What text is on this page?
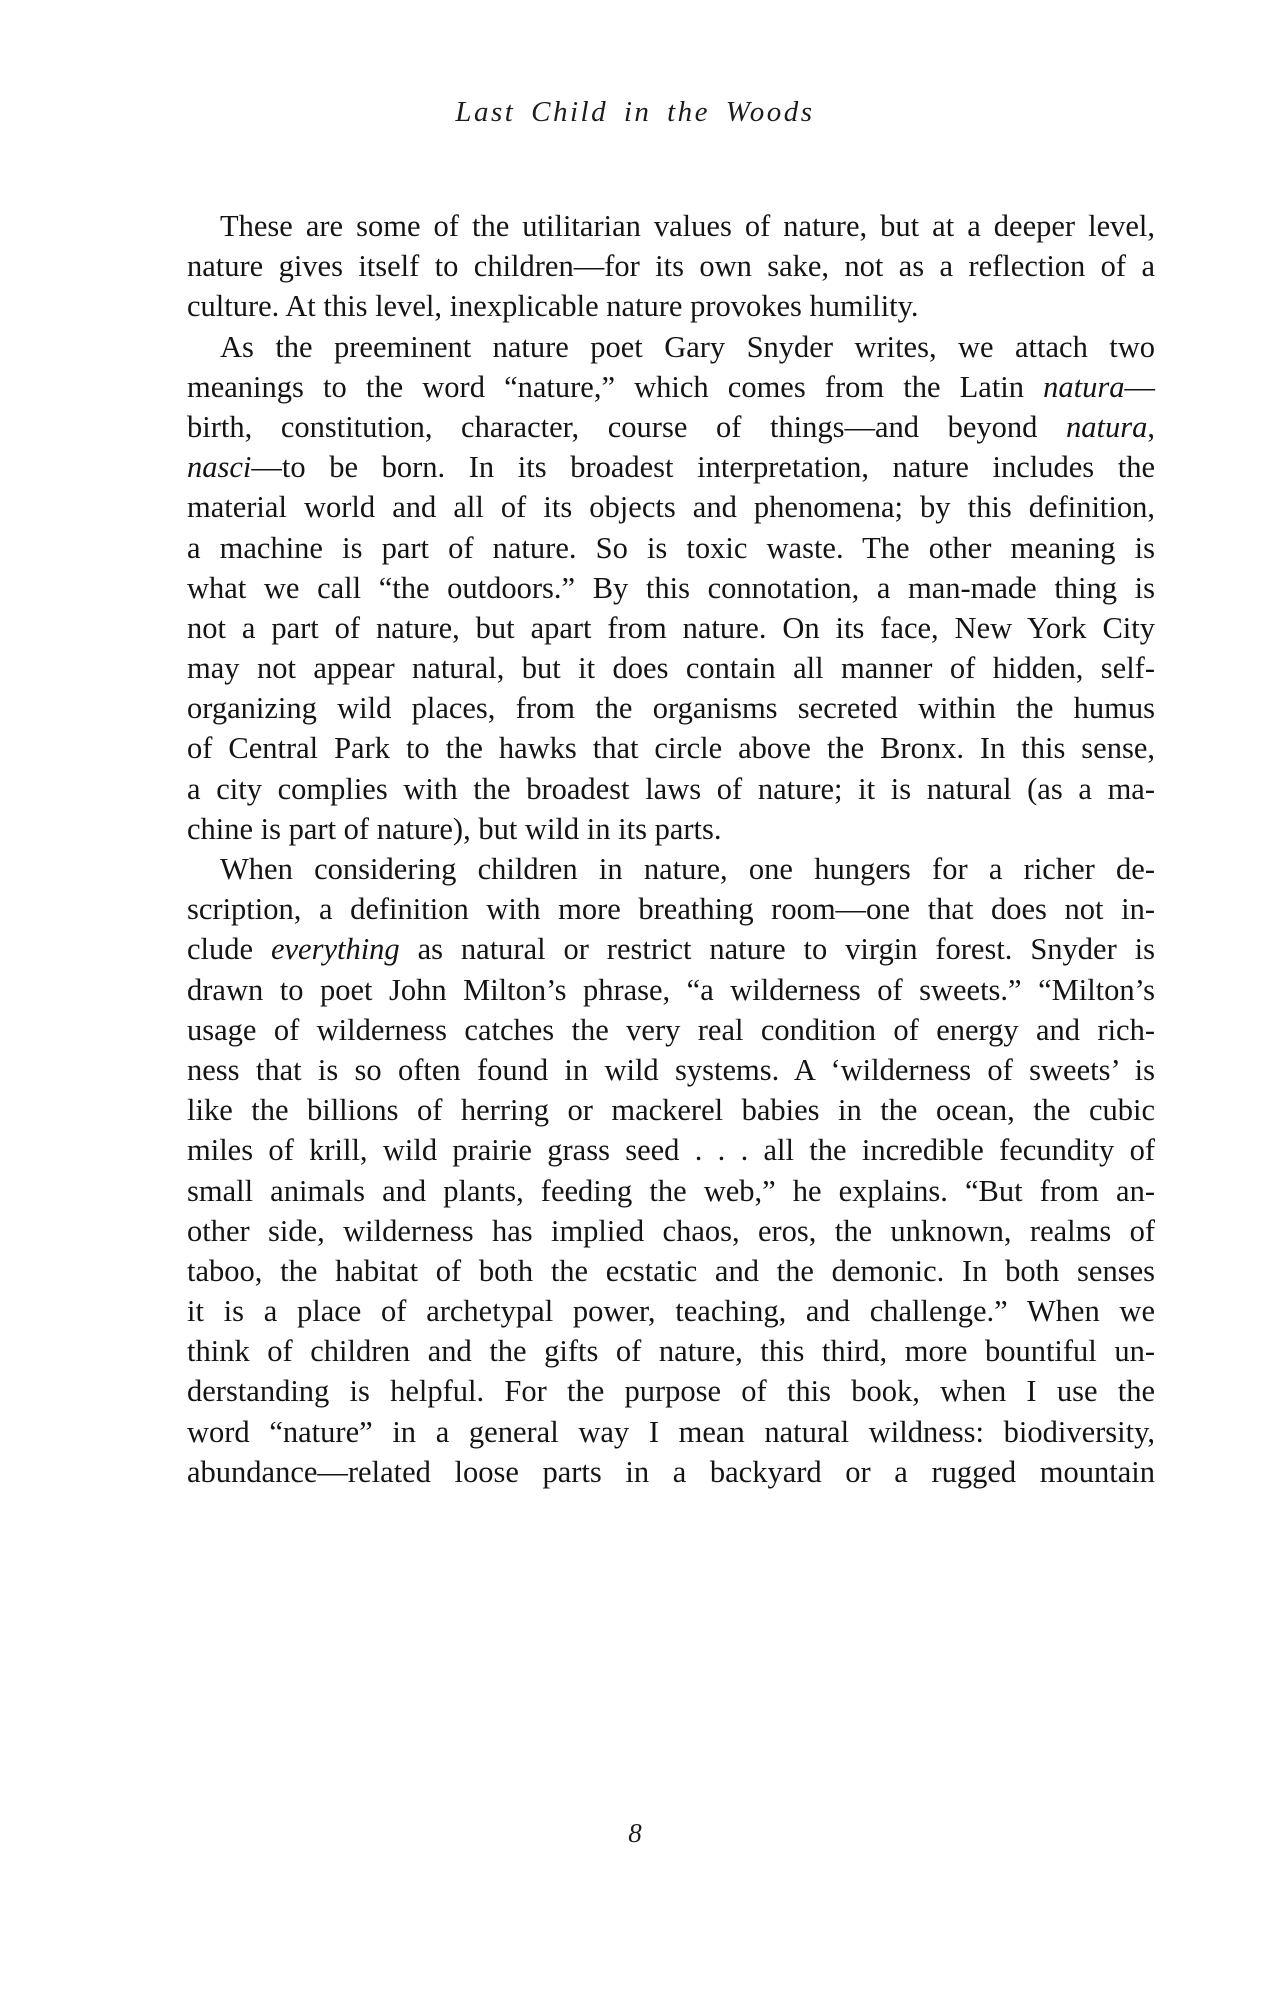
Last Child in the Woods
These are some of the utilitarian values of nature, but at a deeper level,
nature gives itself to children—for its own sake, not as a reflection of a
culture. At this level, inexplicable nature provokes humility.
As the preeminent nature poet Gary Snyder writes, we attach two
meanings to the word “nature,” which comes from the Latin natura—
birth, constitution, character, course of things—and beyond natura,
nasci—to be born. In its broadest interpretation, nature includes the
material world and all of its objects and phenomena; by this definition,
a machine is part of nature. So is toxic waste. The other meaning is
what we call “the outdoors.” By this connotation, a man-made thing is
not a part of nature, but apart from nature. On its face, New York City
may not appear natural, but it does contain all manner of hidden, self-
organizing wild places, from the organisms secreted within the humus
of Central Park to the hawks that circle above the Bronx. In this sense,
a city complies with the broadest laws of nature; it is natural (as a ma-
chine is part of nature), but wild in its parts.
When considering children in nature, one hungers for a richer de-
scription, a definition with more breathing room—one that does not in-
clude everything as natural or restrict nature to virgin forest. Snyder is
drawn to poet John Milton’s phrase, “a wilderness of sweets.” “Milton’s
usage of wilderness catches the very real condition of energy and rich-
ness that is so often found in wild systems. A ‘wilderness of sweets’ is
like the billions of herring or mackerel babies in the ocean, the cubic
miles of krill, wild prairie grass seed . . . all the incredible fecundity of
small animals and plants, feeding the web,” he explains. “But from an-
other side, wilderness has implied chaos, eros, the unknown, realms of
taboo, the habitat of both the ecstatic and the demonic. In both senses
it is a place of archetypal power, teaching, and challenge.” When we
think of children and the gifts of nature, this third, more bountiful un-
derstanding is helpful. For the purpose of this book, when I use the
word “nature” in a general way I mean natural wildness: biodiversity,
abundance—related loose parts in a backyard or a rugged mountain
8
